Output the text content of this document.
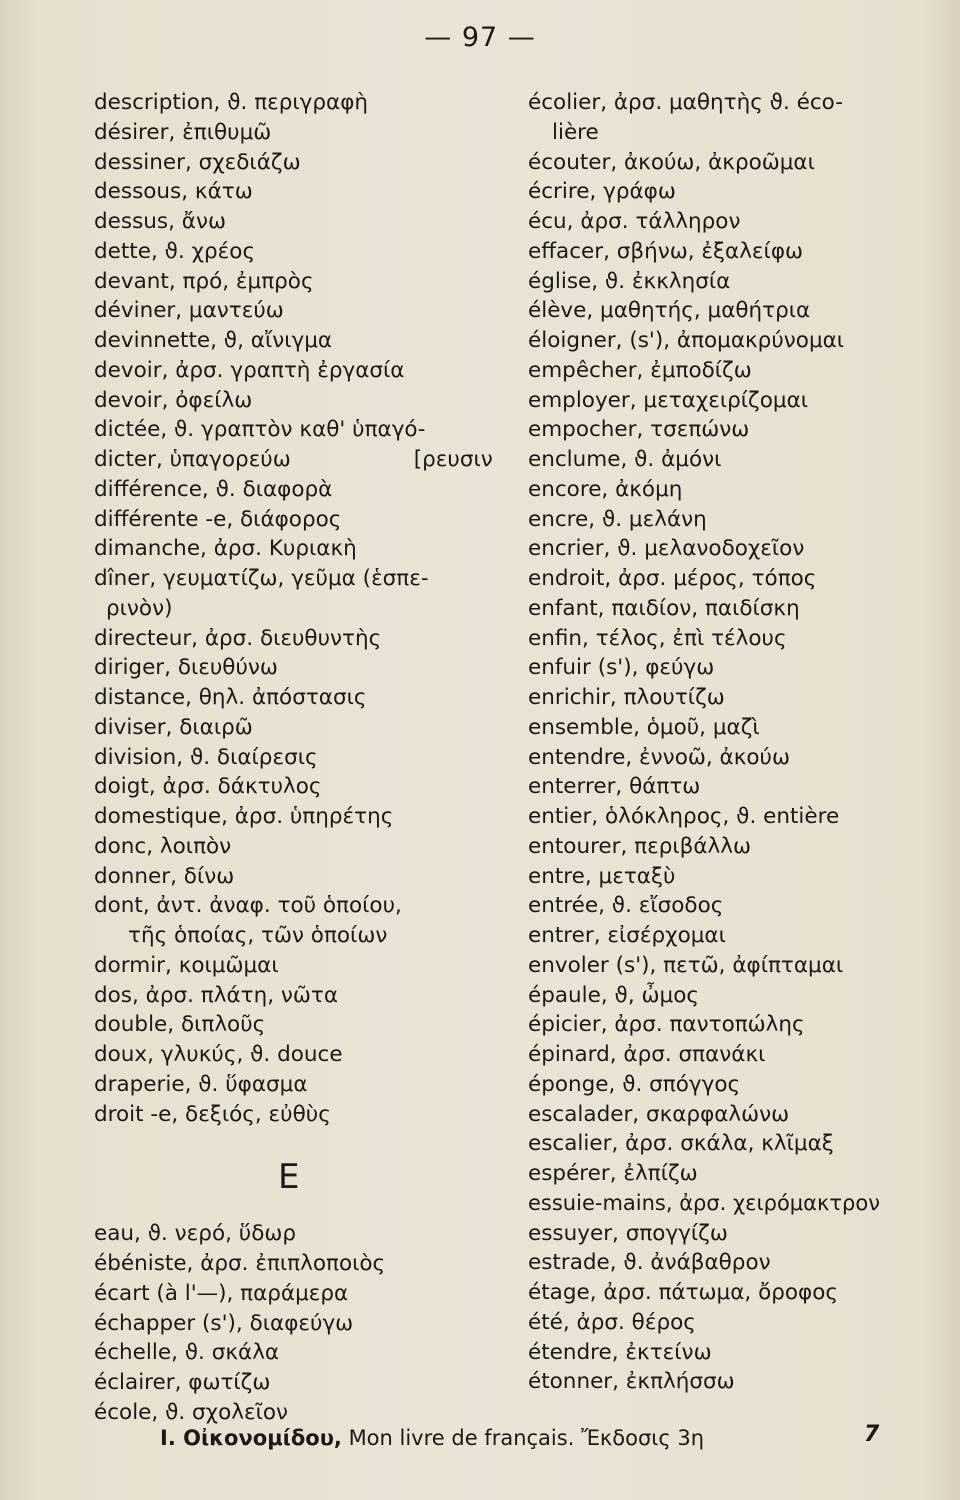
— 97 —
description, ϑ. περιγραφὴ
désirer, ἐπιθυμῶ
dessiner, σχεδιάζω
dessous, κάτω
dessus, ἄνω
dette, ϑ. χρέος
devant, πρό, ἐμπρὸς
déviner, μαντεύω
devinnette, ϑ, αἴνιγμα
devoir, ἀρσ. γραπτὴ ἐργασία
devoir, ὀφείλω
dictée, ϑ. γραπτὸν καθ' ὑπαγό-
dicter, ὑπαγορεύω                  [ρευσιν
différence, ϑ. διαφορὰ
différente -e, διάφορος
dimanche, ἀρσ. Κυριακὴ
dîner, γευματίζω, γεῦμα (ἑσπε-
ρινὸν)
directeur, ἀρσ. διευθυντὴς
diriger, διευθύνω
distance, θηλ. ἀπόστασις
diviser, διαιρῶ
division, ϑ. διαίρεσις
doigt, ἀρσ. δάκτυλος
domestique, ἀρσ. ὑπηρέτης
donc, λοιπὸν
donner, δίνω
dont, ἀντ. ἀναφ. τοῦ ὁποίου,
τῆς ὁποίας, τῶν ὁποίων
dormir, κοιμῶμαι
dos, ἀρσ. πλάτη, νῶτα
double, διπλοῦς
doux, γλυκύς, ϑ. douce
draperie, ϑ. ὕφασμα
droit -e, δεξιός, εὐθὺς
E
eau, ϑ. νερό, ὕδωρ
ébéniste, ἀρσ. ἐπιπλοποιὸς
écart (à l'—), παράμερα
échapper (s'), διαφεύγω
échelle, ϑ. σκάλα
éclairer, φωτίζω
école, ϑ. σχολεῖον
écolier, ἀρσ. μαθητὴς ϑ. éco-
lière
écouter, ἀκούω, ἀκροῶμαι
écrire, γράφω
écu, ἀρσ. τάλληρον
effacer, σβήνω, ἐξαλείφω
église, ϑ. ἐκκλησία
élève, μαθητής, μαθήτρια
éloigner, (s'), ἀπομακρύνομαι
empêcher, ἐμποδίζω
employer, μεταχειρίζομαι
empocher, τσεπώνω
enclume, ϑ. ἀμόνι
encore, ἀκόμη
encre, ϑ. μελάνη
encrier, ϑ. μελανοδοχεῖον
endroit, ἀρσ. μέρος, τόπος
enfant, παιδίον, παιδίσκη
enfin, τέλος, ἐπὶ τέλους
enfuir (s'), φεύγω
enrichir, πλουτίζω
ensemble, ὁμοῦ, μαζὶ
entendre, ἐννοῶ, ἀκούω
enterrer, θάπτω
entier, ὁλόκληρος, ϑ. entière
entourer, περιβάλλω
entre, μεταξὺ
entrée, ϑ. εἴσοδος
entrer, εἰσέρχομαι
envoler (s'), πετῶ, ἀφίπταμαι
épaule, ϑ, ὦμος
épicier, ἀρσ. παντοπώλης
épinard, ἀρσ. σπανάκι
éponge, ϑ. σπόγγος
escalader, σκαρφαλώνω
escalier, ἀρσ. σκάλα, κλῖμαξ
espérer, ἐλπίζω
essuie-mains, ἀρσ. χειρόμακτρον
essuyer, σπογγίζω
estrade, ϑ. ἀνάβαθρον
étage, ἀρσ. πάτωμα, ὄροφος
été, ἀρσ. θέρος
étendre, ἐκτείνω
étonner, ἐκπλήσσω
I. Οἰκονομίδου, Mon livre de français. Ἔκδοσις 3η	7
